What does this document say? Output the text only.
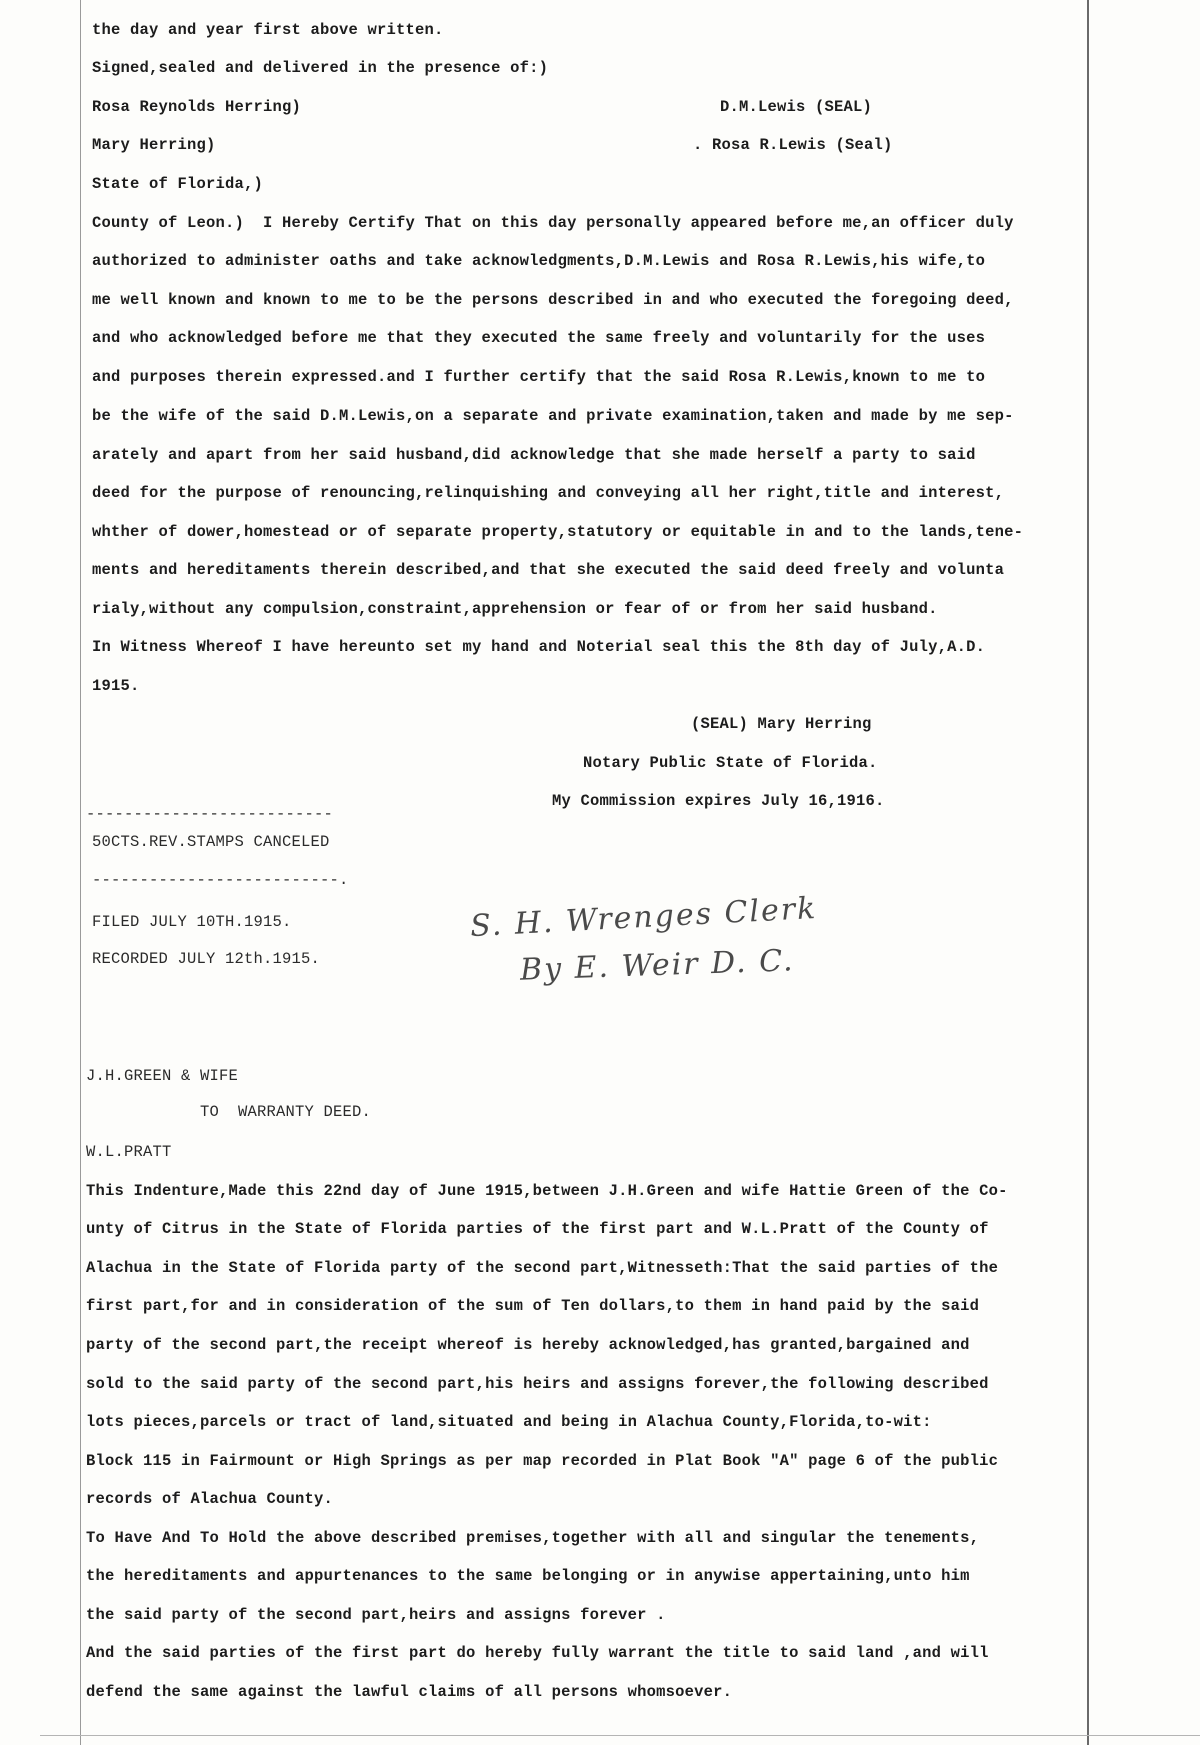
the day and year first above written.
Signed,sealed and delivered in the presence of:)
Rosa Reynolds Herring)	D.M.Lewis (SEAL)
Mary Herring)	. Rosa R.Lewis (Seal)
State of Florida,)
County of Leon.)  I Hereby Certify That on this day personally appeared before me,an officer duly
authorized to administer oaths and take acknowledgments,D.M.Lewis and Rosa R.Lewis,his wife,to
me well known and known to me to be the persons described in and who executed the foregoing deed,
and who acknowledged before me that they executed the same freely and voluntarily for the uses
and purposes therein expressed.and I further certify that the said Rosa R.Lewis,known to me to
be the wife of the said D.M.Lewis,on a separate and private examination,taken and made by me sep-
arately and apart from her said husband,did acknowledge that she made herself a party to said
deed for the purpose of renouncing,relinquishing and conveying all her right,title and interest,
whther of dower,homestead or of separate property,statutory or equitable in and to the lands,tene-
ments and hereditaments therein described,and that she executed the said deed freely and volunta
rialy,without any compulsion,constraint,apprehension or fear of or from her said husband.
In Witness Whereof I have hereunto set my hand and Noterial seal this the 8th day of July,A.D.
1915.
(SEAL) Mary Herring
Notary Public State of Florida.
My Commission expires July 16,1916.
--------------------------
50CTS.REV.STAMPS CANCELED
--------------------------.
FILED JULY 10TH.1915.
RECORDED JULY 12th.1915.
S. H. Wrenges Clerk
By E. Weir D. C.
J.H.GREEN & WIFE
TO  WARRANTY DEED.
W.L.PRATT
This Indenture,Made this 22nd day of June 1915,between J.H.Green and wife Hattie Green of the Co-
unty of Citrus in the State of Florida parties of the first part and W.L.Pratt of the County of
Alachua in the State of Florida party of the second part,Witnesseth:That the said parties of the
first part,for and in consideration of the sum of Ten dollars,to them in hand paid by the said
party of the second part,the receipt whereof is hereby acknowledged,has granted,bargained and
sold to the said party of the second part,his heirs and assigns forever,the following described
lots pieces,parcels or tract of land,situated and being in Alachua County,Florida,to-wit:
Block 115 in Fairmount or High Springs as per map recorded in Plat Book "A" page 6 of the public
records of Alachua County.
To Have And To Hold the above described premises,together with all and singular the tenements,
the hereditaments and appurtenances to the same belonging or in anywise appertaining,unto him
the said party of the second part,heirs and assigns forever .
And the said parties of the first part do hereby fully warrant the title to said land ,and will
defend the same against the lawful claims of all persons whomsoever.
